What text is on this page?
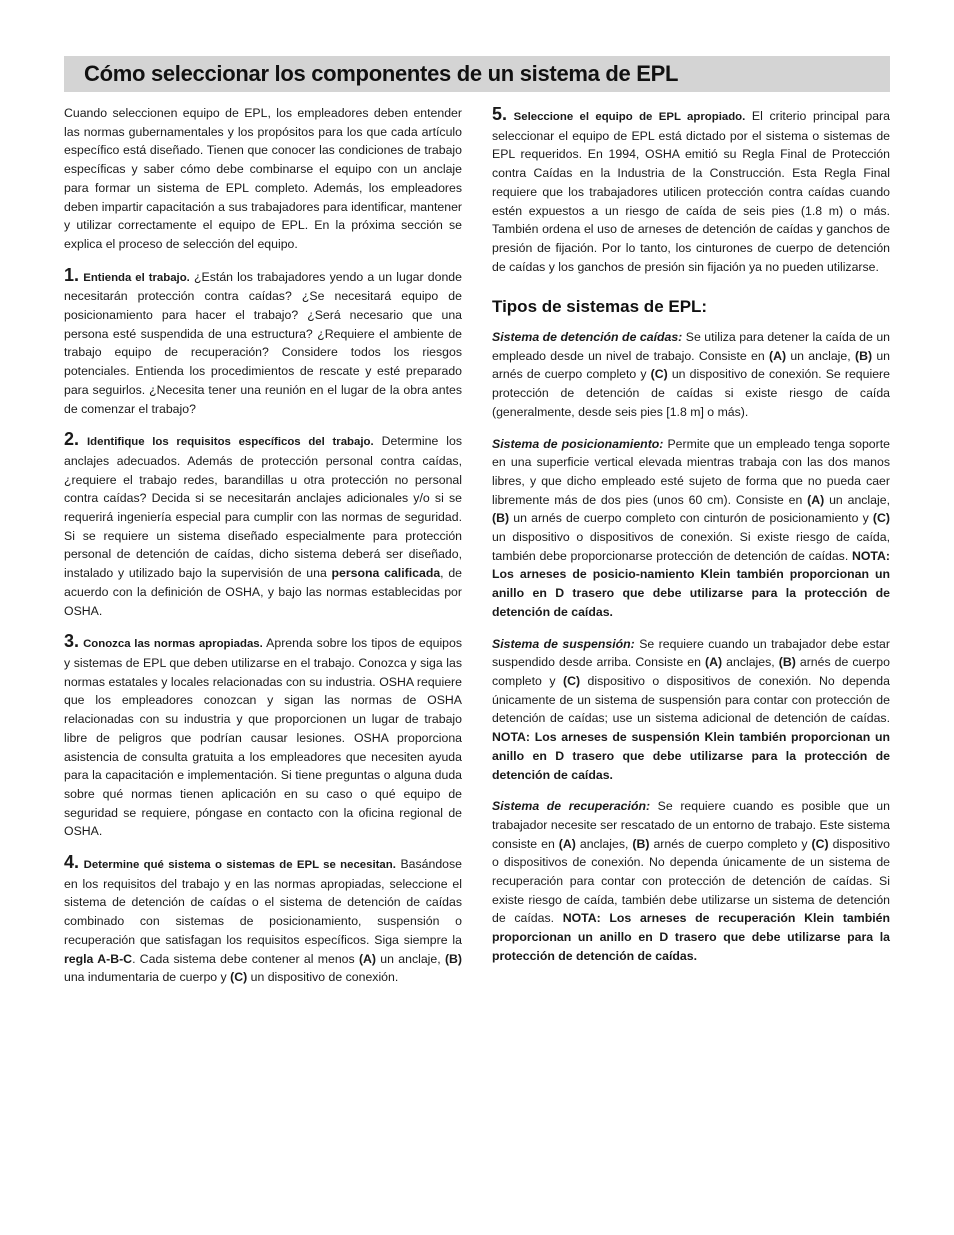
Cómo seleccionar los componentes de un sistema de EPL

Cuando seleccionen equipo de EPL, los empleadores deben entender las normas gubernamentales y los propósitos para los que cada artículo específico está diseñado. Tienen que conocer las condiciones de trabajo específicas y saber cómo debe combinarse el equipo con un anclaje para formar un sistema de EPL completo. Además, los empleadores deben impartir capacitación a sus trabajadores para identificar, mantener y utilizar correctamente el equipo de EPL. En la próxima sección se explica el proceso de selección del equipo.

1. Entienda el trabajo. ¿Están los trabajadores yendo a un lugar donde necesitarán protección contra caídas? ¿Se necesitará equipo de posicionamiento para hacer el trabajo? ¿Será necesario que una persona esté suspendida de una estructura? ¿Requiere el ambiente de trabajo equipo de recuperación? Considere todos los riesgos potenciales. Entienda los procedimientos de rescate y esté preparado para seguirlos. ¿Necesita tener una reunión en el lugar de la obra antes de comenzar el trabajo?

2. Identifique los requisitos específicos del trabajo. Determine los anclajes adecuados. Además de protección personal contra caídas, ¿requiere el trabajo redes, barandillas u otra protección no personal contra caídas? Decida si se necesitarán anclajes adicionales y/o si se requerirá ingeniería especial para cumplir con las normas de seguridad. Si se requiere un sistema diseñado especialmente para protección personal de detención de caídas, dicho sistema deberá ser diseñado, instalado y utilizado bajo la supervisión de una persona calificada, de acuerdo con la definición de OSHA, y bajo las normas establecidas por OSHA.

3. Conozca las normas apropiadas. Aprenda sobre los tipos de equipos y sistemas de EPL que deben utilizarse en el trabajo. Conozca y siga las normas estatales y locales relacionadas con su industria. OSHA requiere que los empleadores conozcan y sigan las normas de OSHA relacionadas con su industria y que proporcionen un lugar de trabajo libre de peligros que podrían causar lesiones. OSHA proporciona asistencia de consulta gratuita a los empleadores que necesiten ayuda para la capacitación e implementación. Si tiene preguntas o alguna duda sobre qué normas tienen aplicación en su caso o qué equipo de seguridad se requiere, póngase en contacto con la oficina regional de OSHA.

4. Determine qué sistema o sistemas de EPL se necesitan. Basándose en los requisitos del trabajo y en las normas apropiadas, seleccione el sistema de detención de caídas o el sistema de detención de caídas combinado con sistemas de posicionamiento, suspensión o recuperación que satisfagan los requisitos específicos. Siga siempre la regla A-B-C. Cada sistema debe contener al menos (A) un anclaje, (B) una indumentaria de cuerpo y (C) un dispositivo de conexión.

5. Seleccione el equipo de EPL apropiado. El criterio principal para seleccionar el equipo de EPL está dictado por el sistema o sistemas de EPL requeridos. En 1994, OSHA emitió su Regla Final de Protección contra Caídas en la Industria de la Construcción. Esta Regla Final requiere que los trabajadores utilicen protección contra caídas cuando estén expuestos a un riesgo de caída de seis pies (1.8 m) o más. También ordena el uso de arneses de detención de caídas y ganchos de presión de fijación. Por lo tanto, los cinturones de cuerpo de detención de caídas y los ganchos de presión sin fijación ya no pueden utilizarse.

Tipos de sistemas de EPL:

Sistema de detención de caídas: Se utiliza para detener la caída de un empleado desde un nivel de trabajo. Consiste en (A) un anclaje, (B) un arnés de cuerpo completo y (C) un dispositivo de conexión. Se requiere protección de detención de caídas si existe riesgo de caída (generalmente, desde seis pies [1.8 m] o más).

Sistema de posicionamiento: Permite que un empleado tenga soporte en una superficie vertical elevada mientras trabaja con las dos manos libres, y que dicho empleado esté sujeto de forma que no pueda caer libremente más de dos pies (unos 60 cm). Consiste en (A) un anclaje, (B) un arnés de cuerpo completo con cinturón de posicionamiento y (C) un dispositivo o dispositivos de conexión. Si existe riesgo de caída, también debe proporcionarse protección de detención de caídas. NOTA: Los arneses de posicio-namiento Klein también proporcionan un anillo en D trasero que debe utilizarse para la protección de detención de caídas.

Sistema de suspensión: Se requiere cuando un trabajador debe estar suspendido desde arriba. Consiste en (A) anclajes, (B) arnés de cuerpo completo y (C) dispositivo o dispositivos de conexión. No dependa únicamente de un sistema de suspensión para contar con protección de detención de caídas; use un sistema adicional de detención de caídas. NOTA: Los arneses de suspensión Klein también proporcionan un anillo en D trasero que debe utilizarse para la protección de detención de caídas.

Sistema de recuperación: Se requiere cuando es posible que un trabajador necesite ser rescatado de un entorno de trabajo. Este sistema consiste en (A) anclajes, (B) arnés de cuerpo completo y (C) dispositivo o dispositivos de conexión. No dependa únicamente de un sistema de recuperación para contar con protección de detención de caídas. Si existe riesgo de caída, también debe utilizarse un sistema de detención de caídas. NOTA: Los arneses de recuperación Klein también proporcionan un anillo en D trasero que debe utilizarse para la protección de detención de caídas.
